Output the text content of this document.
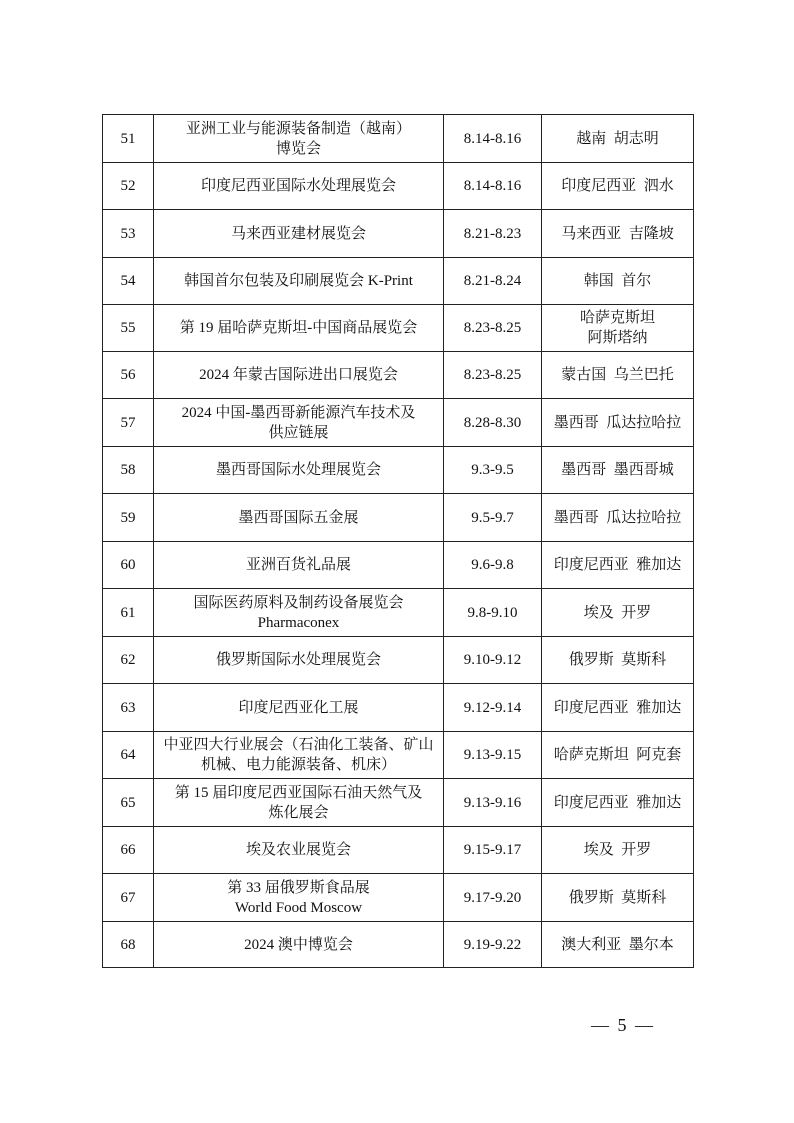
51	亚洲工业与能源装备制造（越南）
博览会	8.14-8.16	越南  胡志明

52	印度尼西亚国际水处理展览会	8.14-8.16	印度尼西亚  泗水

53	马来西亚建材展览会	8.21-8.23	马来西亚  吉隆坡

54	韩国首尔包装及印刷展览会 K-Print	8.21-8.24	韩国  首尔

55	第 19 届哈萨克斯坦-中国商品展览会	8.23-8.25	哈萨克斯坦
阿斯塔纳

56	2024 年蒙古国际进出口展览会	8.23-8.25	蒙古国  乌兰巴托

57	2024 中国-墨西哥新能源汽车技术及
供应链展	8.28-8.30	墨西哥  瓜达拉哈拉

58	墨西哥国际水处理展览会	9.3-9.5	墨西哥  墨西哥城

59	墨西哥国际五金展	9.5-9.7	墨西哥  瓜达拉哈拉

60	亚洲百货礼品展	9.6-9.8	印度尼西亚  雅加达

61	国际医药原料及制药设备展览会
Pharmaconex	9.8-9.10	埃及  开罗

62	俄罗斯国际水处理展览会	9.10-9.12	俄罗斯  莫斯科

63	印度尼西亚化工展	9.12-9.14	印度尼西亚  雅加达

64	中亚四大行业展会（石油化工装备、矿山
机械、电力能源装备、机床）	9.13-9.15	哈萨克斯坦  阿克套

65	第 15 届印度尼西亚国际石油天然气及
炼化展会	9.13-9.16	印度尼西亚  雅加达

66	埃及农业展览会	9.15-9.17	埃及  开罗

67	第 33 届俄罗斯食品展
World Food Moscow	9.17-9.20	俄罗斯  莫斯科

68	2024 澳中博览会	9.19-9.22	澳大利亚  墨尔本
— 5 —
